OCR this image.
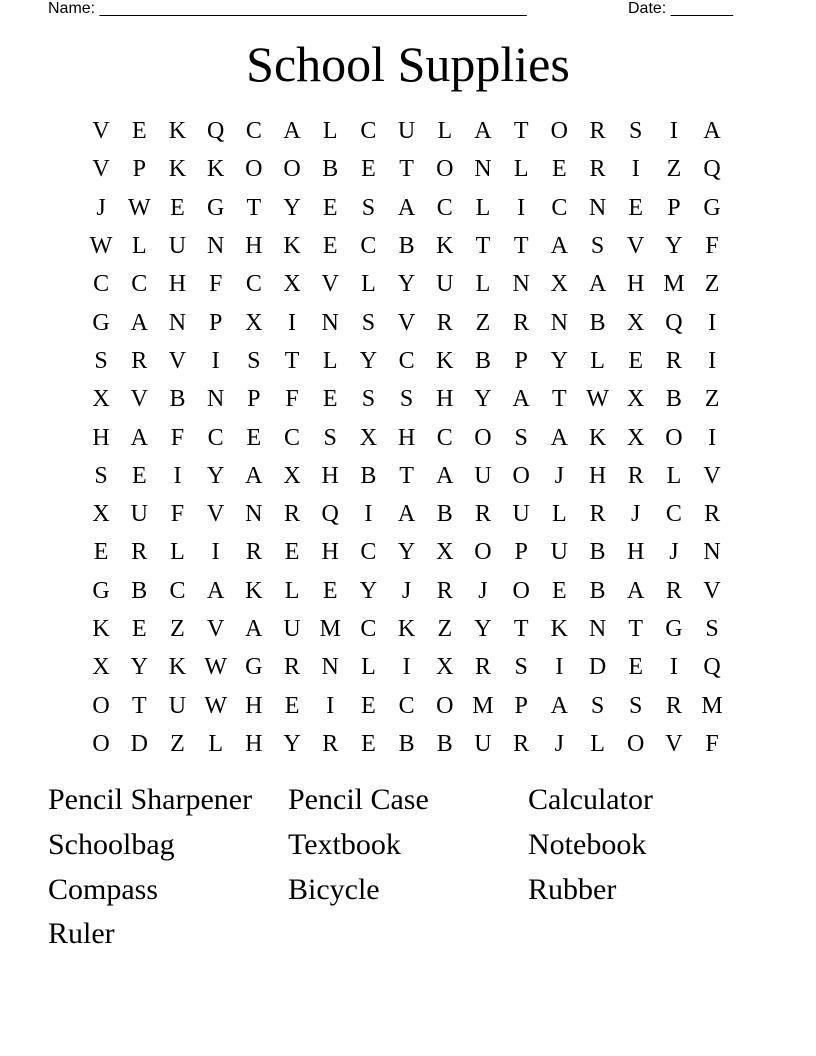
Name: ________________________________________________	Date: _______
School Supplies
V E K Q C A L C U L A T O R S	I	A
V P K K O O B E T O N L E R	I	Z Q
J W E G T Y E	S A C L	I	C N E	P G
W L U N H K E C B K T T A S V Y F
C C H F C X V L Y U L N X A H M Z
G A N P X	I	N S V R Z R N B X Q	I
S R V	I	S	T L Y C K B P Y L E R	I
X V B N P	F	E	S	S H Y A T W X B Z
H A F C E C S X H C O S A K X O	I
S	E	I	Y A X H B T A U O	J	H R L V
X U F V N R Q	I	A B R U L R	J	C R
E R L	I	R E H C Y X O P U B H	J	N
G B C A K L E Y	J	R	J	O E B A R V
K E Z V A U M C K Z Y T K N T G S
X Y K W G R N L	I	X R S	I	D E	I	Q
O T U W H E	I	E C O M P A S	S R M
O D Z L H Y R E B B U R	J	L O V F
Pencil Sharpener	Pencil Case	Calculator
Schoolbag	Textbook	Notebook
Compass	Bicycle	Rubber
Ruler
